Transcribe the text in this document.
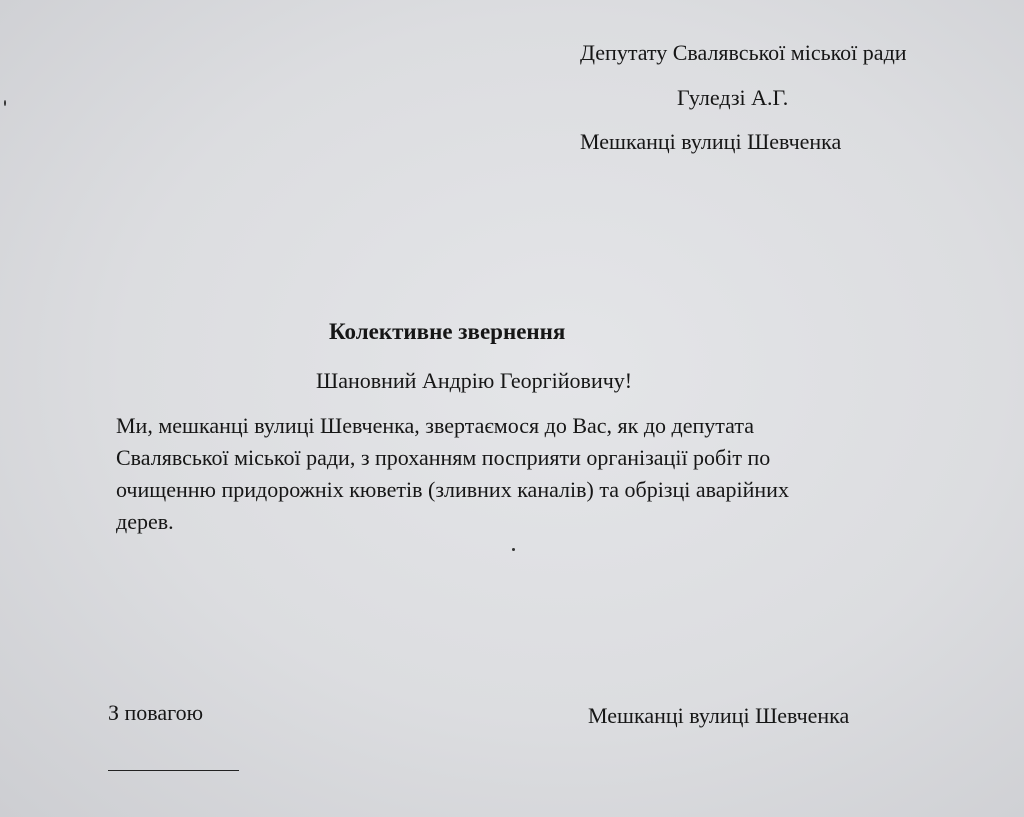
Депутату Свалявської міської ради
Гуледзі А.Г.
Мешканці вулиці Шевченка
Колективне звернення
Шановний Андрію Георгійовичу!
Ми, мешканці вулиці Шевченка, звертаємося до Вас, як до депутата
Свалявської міської ради, з проханням посприяти організації робіт по
очищенню придорожніх кюветів (зливних каналів) та обрізці аварійних
дерев.
З повагою	Мешканці вулиці Шевченка
